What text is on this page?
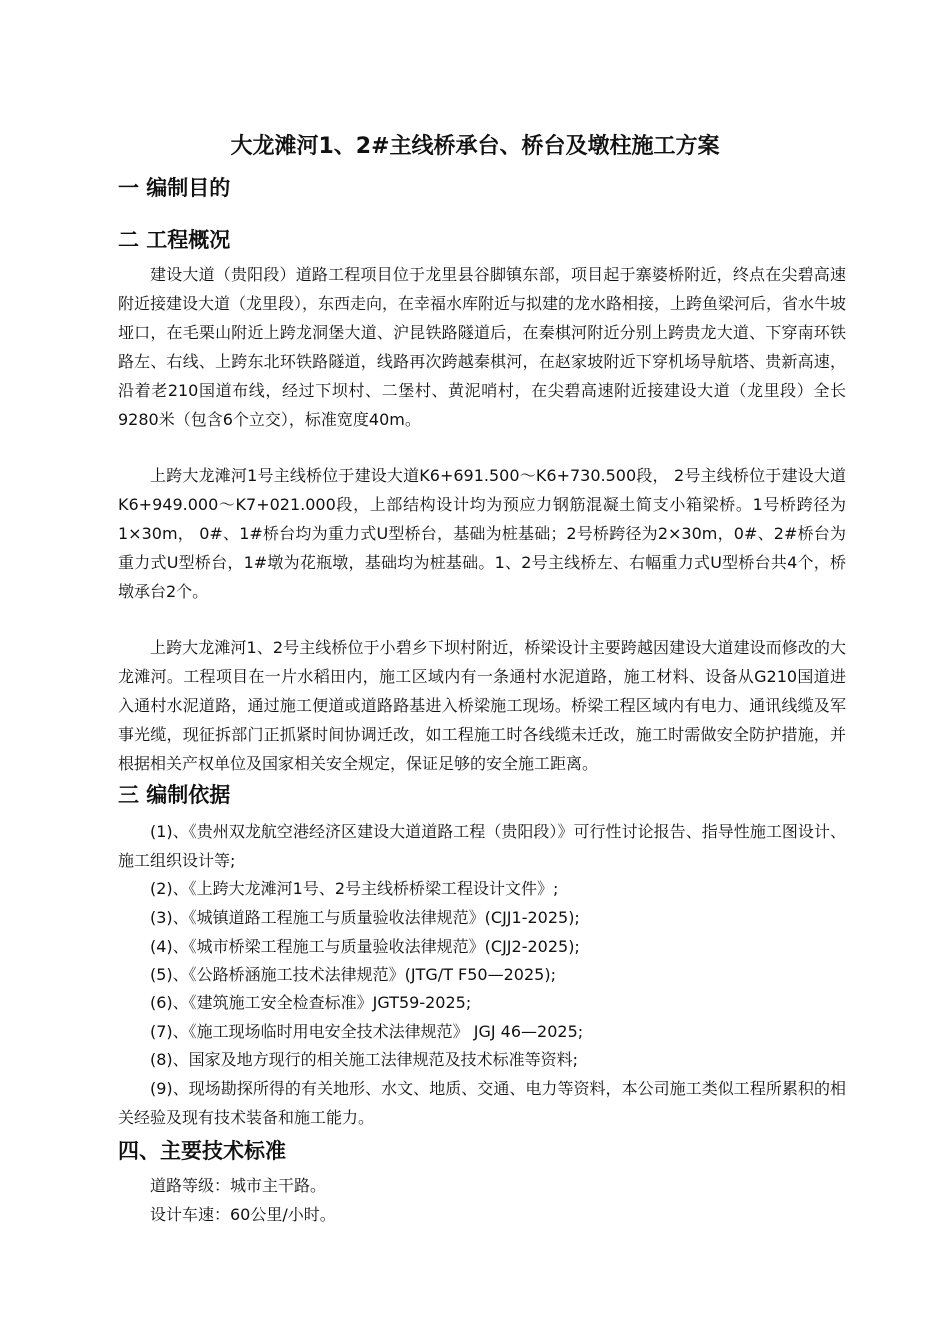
大龙滩河1、2#主线桥承台、桥台及墩柱施工方案
一 编制目的
二 工程概况

建设大道（贵阳段）道路工程项目位于龙里县谷脚镇东部，项目起于寨婆桥附近，终点在尖碧高速附近接建设大道（龙里段），东西走向，在幸福水库附近与拟建的龙水路相接，上跨鱼梁河后，省水牛坡垭口，在毛栗山附近上跨龙洞堡大道、沪昆铁路隧道后，在秦棋河附近分别上跨贵龙大道、下穿南环铁路左、右线、上跨东北环铁路隧道，线路再次跨越秦棋河，在赵家坡附近下穿机场导航塔、贵新高速，沿着老210国道布线，经过下坝村、二堡村、黄泥哨村，在尖碧高速附近接建设大道（龙里段）全长9280米（包含6个立交），标准宽度40m。

上跨大龙滩河1号主线桥位于建设大道K6+691.500～K6+730.500段， 2号主线桥位于建设大道K6+949.000～K7+021.000段，上部结构设计均为预应力钢筋混凝土简支小箱梁桥。1号桥跨径为1×30m， 0#、1#桥台均为重力式U型桥台，基础为桩基础；2号桥跨径为2×30m，0#、2#桥台为重力式U型桥台，1#墩为花瓶墩，基础均为桩基础。1、2号主线桥左、右幅重力式U型桥台共4个，桥墩承台2个。

上跨大龙滩河1、2号主线桥位于小碧乡下坝村附近，桥梁设计主要跨越因建设大道建设而修改的大龙滩河。工程项目在一片水稻田内，施工区域内有一条通村水泥道路，施工材料、设备从G210国道进入通村水泥道路，通过施工便道或道路路基进入桥梁施工现场。桥梁工程区域内有电力、通讯线缆及军事光缆，现征拆部门正抓紧时间协调迁改，如工程施工时各线缆未迁改，施工时需做安全防护措施，并根据相关产权单位及国家相关安全规定，保证足够的安全施工距离。

三 编制依据

(1)、《贵州双龙航空港经济区建设大道道路工程（贵阳段）》可行性讨论报告、指导性施工图设计、施工组织设计等;

(2)、《上跨大龙滩河1号、2号主线桥桥梁工程设计文件》;

(3)、《城镇道路工程施工与质量验收法律规范》(CJJ1-2025);

(4)、《城市桥梁工程施工与质量验收法律规范》(CJJ2-2025);

(5)、《公路桥涵施工技术法律规范》(JTG/T F50—2025);

(6)、《建筑施工安全检查标准》JGT59-2025;

(7)、《施工现场临时用电安全技术法律规范》 JGJ 46—2025;

(8)、国家及地方现行的相关施工法律规范及技术标准等资料;

(9)、现场勘探所得的有关地形、水文、地质、交通、电力等资料，本公司施工类似工程所累积的相关经验及现有技术装备和施工能力。

四、主要技术标准

道路等级：城市主干路。

设计车速：60公里/小时。
